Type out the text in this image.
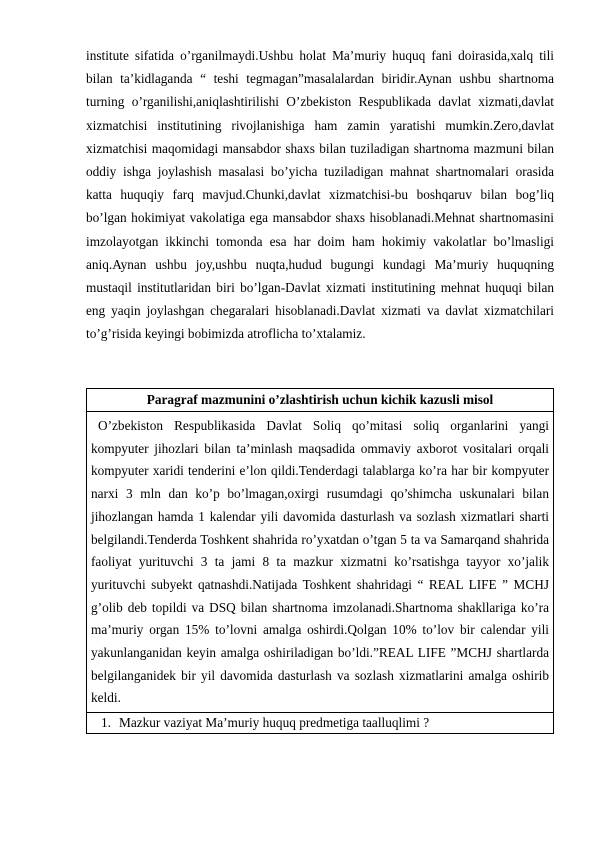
institute sifatida o’rganilmaydi.Ushbu holat Ma’muriy huquq fani doirasida,xalq tili bilan ta’kidlaganda “ teshi tegmagan”masalalardan biridir.Aynan ushbu shartnoma turning o’rganilishi,aniqlashtirilishi O’zbekiston Respublikada davlat xizmati,davlat xizmatchisi institutining rivojlanishiga ham zamin yaratishi mumkin.Zero,davlat xizmatchisi maqomidagi mansabdor shaxs bilan tuziladigan shartnoma mazmuni bilan oddiy ishga joylashish masalasi bo’yicha tuziladigan mahnat shartnomalari orasida katta huquqiy farq mavjud.Chunki,davlat xizmatchisi-bu boshqaruv bilan bog’liq bo’lgan hokimiyat vakolatiga ega mansabdor shaxs hisoblanadi.Mehnat shartnomasini imzolayotgan ikkinchi tomonda esa har doim ham hokimiy vakolatlar bo’lmasligi aniq.Aynan ushbu joy,ushbu nuqta,hudud bugungi kundagi Ma’muriy huquqning mustaqil institutlaridan biri bo’lgan-Davlat xizmati institutining mehnat huquqi bilan eng yaqin joylashgan chegaralari hisoblanadi.Davlat xizmati va davlat xizmatchilari to’g’risida keyingi bobimizda atroflicha to’xtalamiz.

Paragraf mazmunini o’zlashtirish uchun kichik kazusli misol
O’zbekiston Respublikasida Davlat Soliq qo’mitasi soliq organlarini yangi kompyuter jihozlari bilan ta’minlash maqsadida ommaviy axborot vositalari orqali kompyuter xaridi tenderini e’lon qildi.Tenderdagi talablarga ko’ra har bir kompyuter narxi 3 mln dan ko’p bo’lmagan,oxirgi rusumdagi qo’shimcha uskunalari bilan jihozlangan hamda 1 kalendar yili davomida dasturlash va sozlash xizmatlari sharti belgilandi.Tenderda Toshkent shahrida ro’yxatdan o’tgan 5 ta va Samarqand shahrida faoliyat yurituvchi 3 ta jami 8 ta mazkur xizmatni ko’rsatishga tayyor xo’jalik yurituvchi subyekt qatnashdi.Natijada Toshkent shahridagi “ REAL LIFE ” MCHJ g’olib deb topildi va DSQ bilan shartnoma imzolanadi.Shartnoma shakllariga ko’ra ma’muriy organ 15% to’lovni amalga oshirdi.Qolgan 10% to’lov bir calendar yili yakunlanganidan keyin amalga oshiriladigan bo’ldi.”REAL LIFE ”MCHJ shartlarda belgilanganidek bir yil davomida dasturlash va sozlash xizmatlarini amalga oshirib keldi.
1. Mazkur vaziyat Ma’muriy huquq predmetiga taalluqlimi ?
